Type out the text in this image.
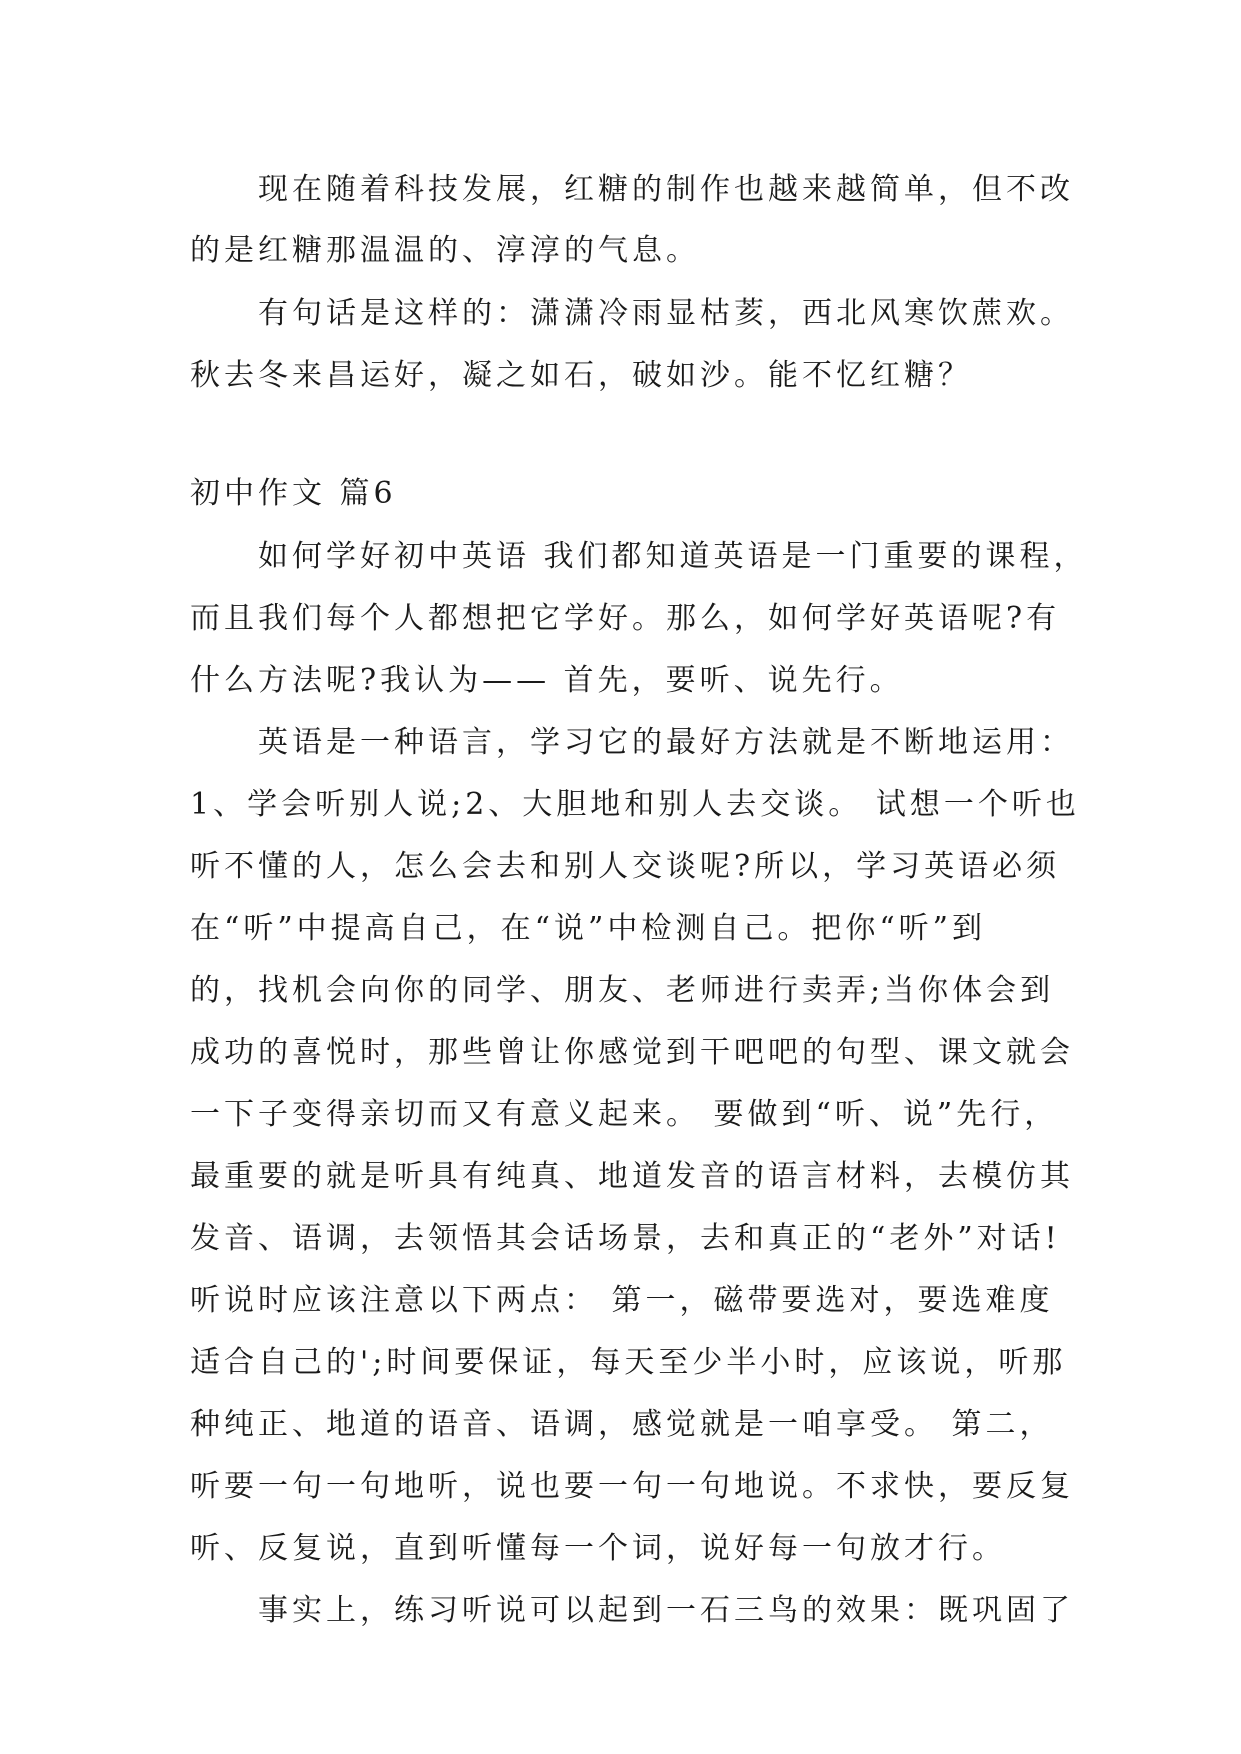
现在随着科技发展，红糖的制作也越来越简单，但不改

的是红糖那温温的、淳淳的气息。

有句话是这样的：潇潇冷雨显枯荄，西北风寒饮蔗欢。

秋去冬来昌运好，凝之如石，破如沙。能不忆红糖？

初中作文 篇6

如何学好初中英语 我们都知道英语是一门重要的课程，

而且我们每个人都想把它学好。那么，如何学好英语呢?有

什么方法呢?我认为—— 首先，要听、说先行。

英语是一种语言，学习它的最好方法就是不断地运用：

1、学会听别人说;2、大胆地和别人去交谈。 试想一个听也

听不懂的人，怎么会去和别人交谈呢?所以，学习英语必须

在“听”中提高自己，在“说”中检测自己。把你“听”到

的，找机会向你的同学、朋友、老师进行卖弄;当你体会到

成功的喜悦时，那些曾让你感觉到干吧吧的句型、课文就会

一下子变得亲切而又有意义起来。 要做到“听、说”先行，

最重要的就是听具有纯真、地道发音的语言材料，去模仿其

发音、语调，去领悟其会话场景，去和真正的“老外”对话!

听说时应该注意以下两点： 第一，磁带要选对，要选难度

适合自己的';时间要保证，每天至少半小时，应该说，听那

种纯正、地道的语音、语调，感觉就是一咱享受。 第二，

听要一句一句地听，说也要一句一句地说。不求快，要反复

听、反复说，直到听懂每一个词，说好每一句放才行。

事实上，练习听说可以起到一石三鸟的效果：既巩固了
